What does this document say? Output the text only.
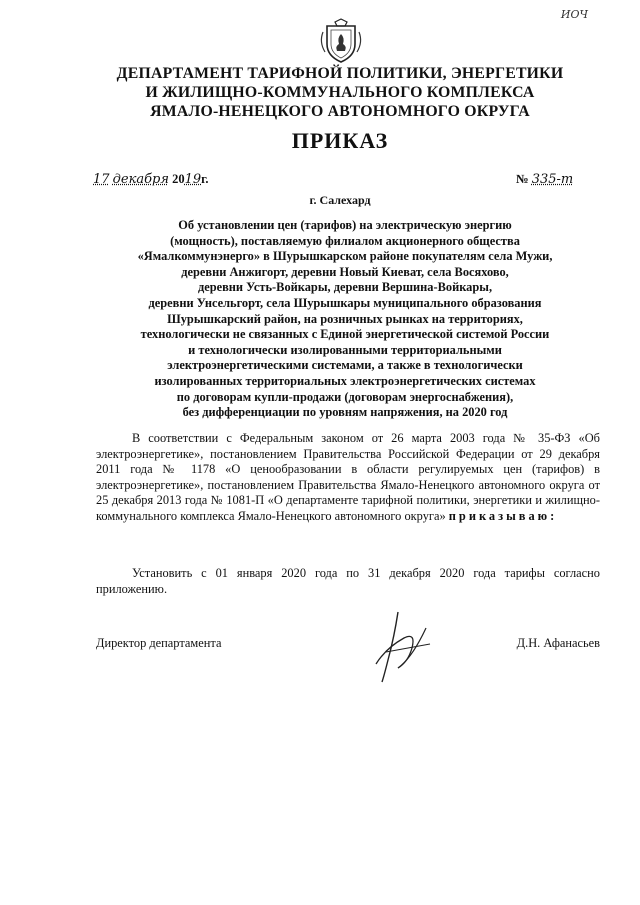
ИОЧ
ДЕПАРТАМЕНТ ТАРИФНОЙ ПОЛИТИКИ, ЭНЕРГЕТИКИ
И ЖИЛИЩНО-КОММУНАЛЬНОГО КОМПЛЕКСА
ЯМАЛО-НЕНЕЦКОГО АВТОНОМНОГО ОКРУГА
ПРИКАЗ
17 декабря 2019г.	№ 335-т
г. Салехард
Об установлении цен (тарифов) на электрическую энергию
(мощность), поставляемую филиалом акционерного общества
«Ямалкоммунэнерго» в Шурышкарском районе покупателям села Мужи,
деревни Анжигорт, деревни Новый Киеват, села Восяхово,
деревни Усть-Войкары, деревни Вершина-Войкары,
деревни Унсельгорт, села Шурышкары муниципального образования
Шурышкарский район, на розничных рынках на территориях,
технологически не связанных с Единой энергетической системой России
и технологически изолированными территориальными
электроэнергетическими системами, а также в технологически
изолированных территориальных электроэнергетических системах
по договорам купли-продажи (договорам энергоснабжения),
без дифференциации по уровням напряжения, на 2020 год
В соответствии с Федеральным законом от 26 марта 2003 года № 35-ФЗ «Об электроэнергетике», постановлением Правительства Российской Федерации от 29 декабря 2011 года № 1178 «О ценообразовании в области регулируемых цен (тарифов) в электроэнергетике», постановлением Правительства Ямало-Ненецкого автономного округа от 25 декабря 2013 года № 1081-П «О департаменте тарифной политики, энергетики и жилищно-коммунального комплекса Ямало-Ненецкого автономного округа» приказываю:
Установить с 01 января 2020 года по 31 декабря 2020 года тарифы согласно приложению.
Директор департамента	Д.Н. Афанасьев
